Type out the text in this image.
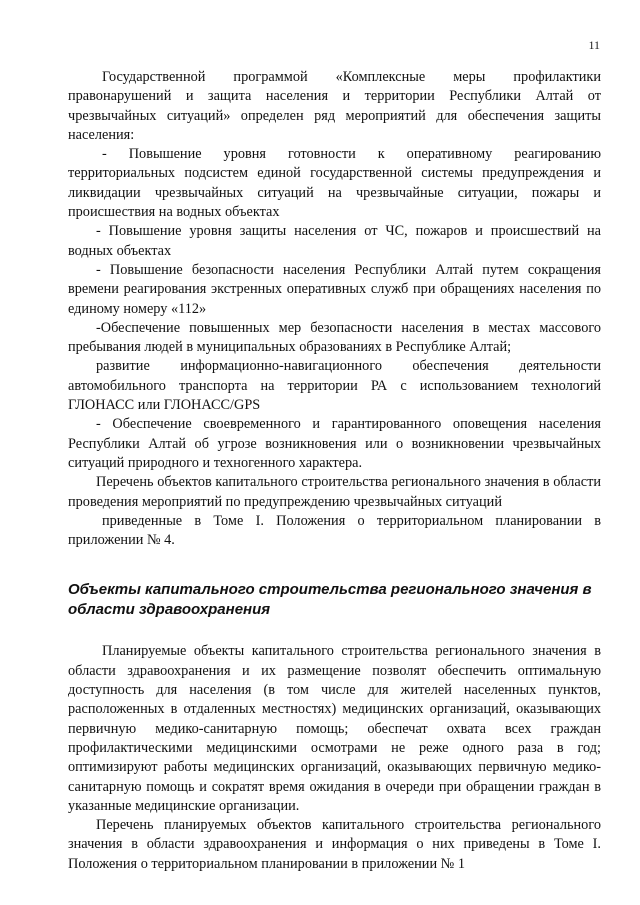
11

Государственной программой «Комплексные меры профилактики правонарушений и защита населения и территории Республики Алтай от чрезвычайных ситуаций» определен ряд мероприятий для обеспечения защиты населения:

- Повышение уровня готовности к оперативному реагированию территориальных подсистем единой государственной системы предупреждения и ликвидации чрезвычайных ситуаций на чрезвычайные ситуации, пожары и происшествия на водных объектах

- Повышение уровня защиты населения от ЧС, пожаров и происшествий на водных объектах

- Повышение безопасности населения Республики Алтай путем сокращения времени реагирования экстренных оперативных служб при обращениях населения по единому номеру «112»

-Обеспечение повышенных мер безопасности населения в местах массового пребывания людей в муниципальных образованиях в Республике Алтай;

развитие информационно-навигационного обеспечения деятельности автомобильного транспорта на территории РА с использованием технологий ГЛОНАСС или ГЛОНАСС/GPS

- Обеспечение своевременного и гарантированного оповещения населения Республики Алтай об угрозе возникновения или о возникновении чрезвычайных ситуаций природного и техногенного характера.

Перечень объектов капитального строительства регионального значения в области проведения мероприятий по предупреждению чрезвычайных ситуаций

приведенные в Томе I. Положения о территориальном планировании в приложении № 4.

Объекты капитального строительства регионального значения в области здравоохранения

Планируемые объекты капитального строительства регионального значения в области здравоохранения и их размещение позволят обеспечить оптимальную доступность для населения (в том числе для жителей населенных пунктов, расположенных в отдаленных местностях) медицинских организаций, оказывающих первичную медико-санитарную помощь; обеспечат охвата всех граждан профилактическими медицинскими осмотрами не реже одного раза в год; оптимизируют работы медицинских организаций, оказывающих первичную медико-санитарную помощь и сократят время ожидания в очереди при обращении граждан в указанные медицинские организации.

Перечень планируемых объектов капитального строительства регионального значения в области здравоохранения и информация о них приведены в Томе I. Положения о территориальном планировании в приложении № 1
